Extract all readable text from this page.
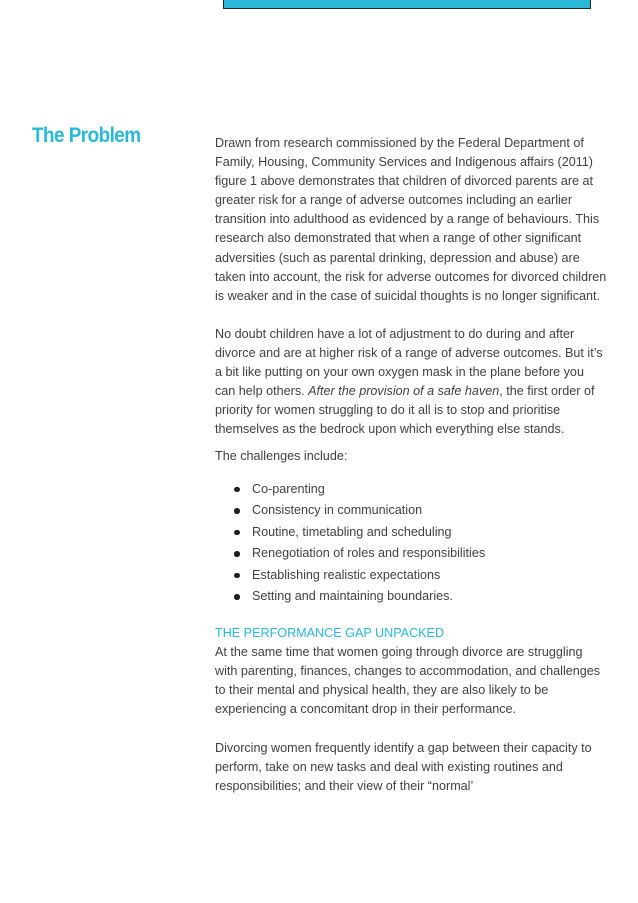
The Problem	Drawn from research commissioned by the Federal Department of Family, Housing, Community Services and Indigenous affairs (2011) figure 1 above demonstrates that children of divorced parents are at greater risk for a range of adverse outcomes including an earlier transition into adulthood as evidenced by a range of behaviours. This research also demonstrated that when a range of other significant adversities (such as parental drinking, depression and abuse) are taken into account, the risk for adverse outcomes for divorced children is weaker and in the case of suicidal thoughts is no longer significant.

No doubt children have a lot of adjustment to do during and after divorce and are at higher risk of a range of adverse outcomes. But it’s a bit like putting on your own oxygen mask in the plane before you can help others. After the provision of a safe haven, the first order of priority for women struggling to do it all is to stop and prioritise themselves as the bedrock upon which everything else stands.

The challenges include:

Co-parenting
Consistency in communication
Routine, timetabling and scheduling
Renegotiation of roles and responsibilities
Establishing realistic expectations
Setting and maintaining boundaries.

THE PERFORMANCE GAP UNPACKED

At the same time that women going through divorce are struggling with parenting, finances, changes to accommodation, and challenges to their mental and physical health, they are also likely to be experiencing a concomitant drop in their performance.

Divorcing women frequently identify a gap between their capacity to perform, take on new tasks and deal with existing routines and responsibilities; and their view of their “normal’
